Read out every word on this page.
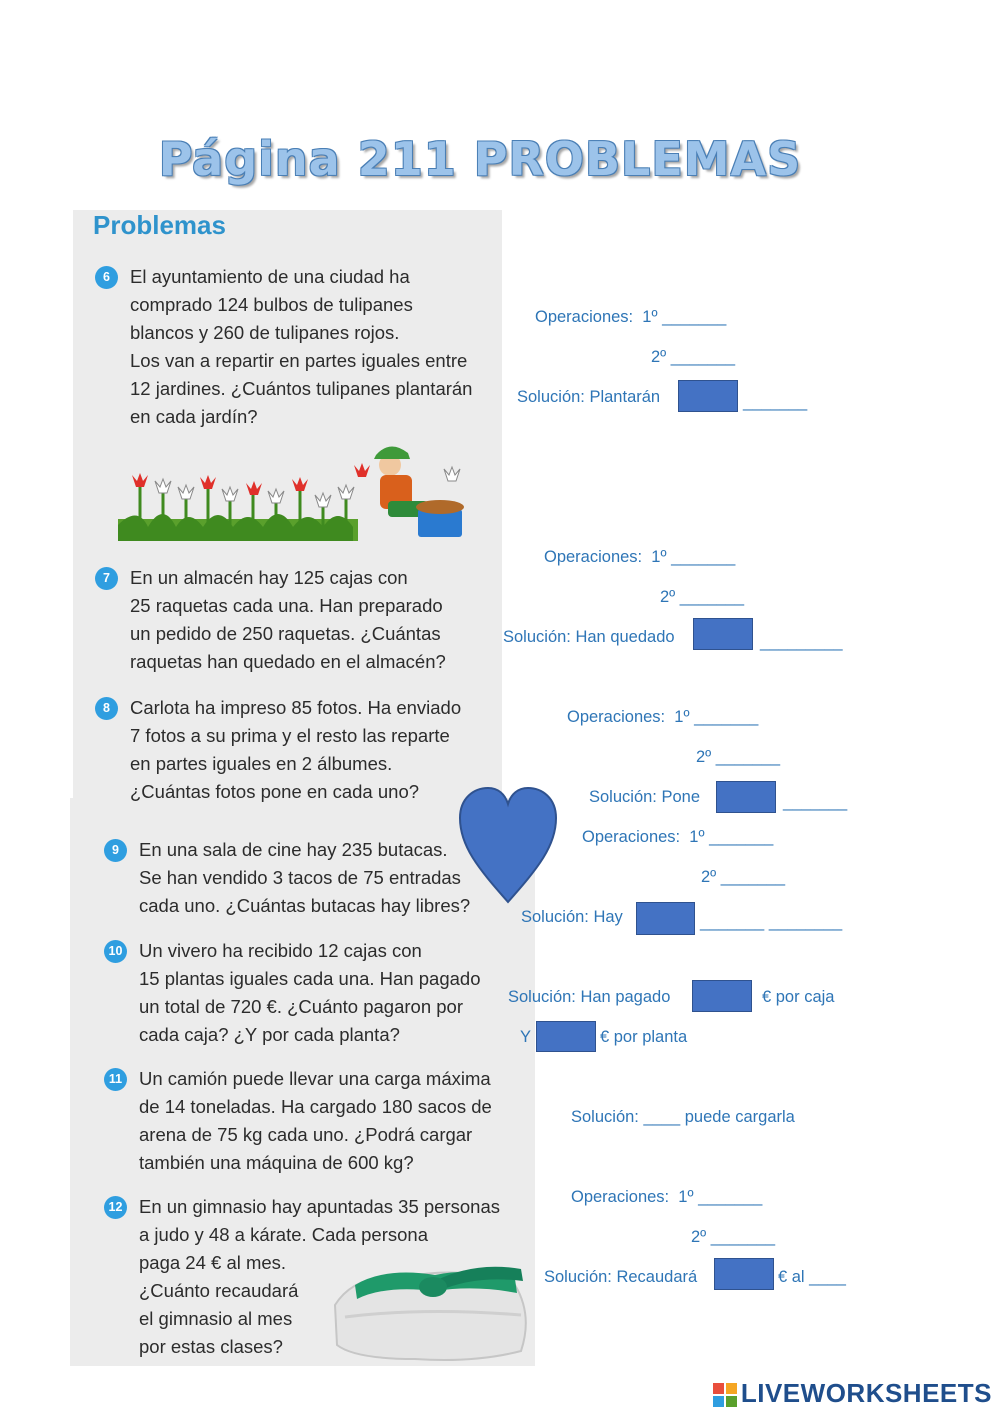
Página 211 PROBLEMAS
Problemas
6	El ayuntamiento de una ciudad ha

comprado 124 bulbos de tulipanes

blancos y 260 de tulipanes rojos.

Los van a repartir en partes iguales entre

12 jardines. ¿Cuántos tulipanes plantarán

en cada jardín?

7	En un almacén hay 125 cajas con

25 raquetas cada una. Han preparado

un pedido de 250 raquetas. ¿Cuántas

raquetas han quedado en el almacén?

8	Carlota ha impreso 85 fotos. Ha enviado

7 fotos a su prima y el resto las reparte

en partes iguales en 2 álbumes.

¿Cuántas fotos pone en cada uno?

9	En una sala de cine hay 235 butacas.

Se han vendido 3 tacos de 75 entradas

cada uno. ¿Cuántas butacas hay libres?

10 Un vivero ha recibido 12 cajas con

15 plantas iguales cada una. Han pagado

un total de 720 €. ¿Cuánto pagaron por

cada caja? ¿Y por cada planta?

11 Un camión puede llevar una carga máxima

de 14 toneladas. Ha cargado 180 sacos de

arena de 75 kg cada uno. ¿Podrá cargar

también una máquina de 600 kg?

12 En un gimnasio hay apuntadas 35 personas

a judo y 48 a kárate. Cada persona

paga 24 € al mes.

¿Cuánto recaudará

el gimnasio al mes

por estas clases?

Operaciones:  1º _______
2º _______
Solución: Plantarán	_______
Operaciones:  1º _______
2º _______
Solución: Han quedado	_________
Operaciones:  1º _______
2º _______
Solución: Pone	_______
Operaciones:  1º _______
2º _______
Solución: Hay	_______ ________
Solución: Han pagado	€ por caja
Y	€ por planta
Solución: ____ puede cargarla
Operaciones:  1º _______
2º _______
Solución: Recaudará	€ al ____
LIVEWORKSHEETS
